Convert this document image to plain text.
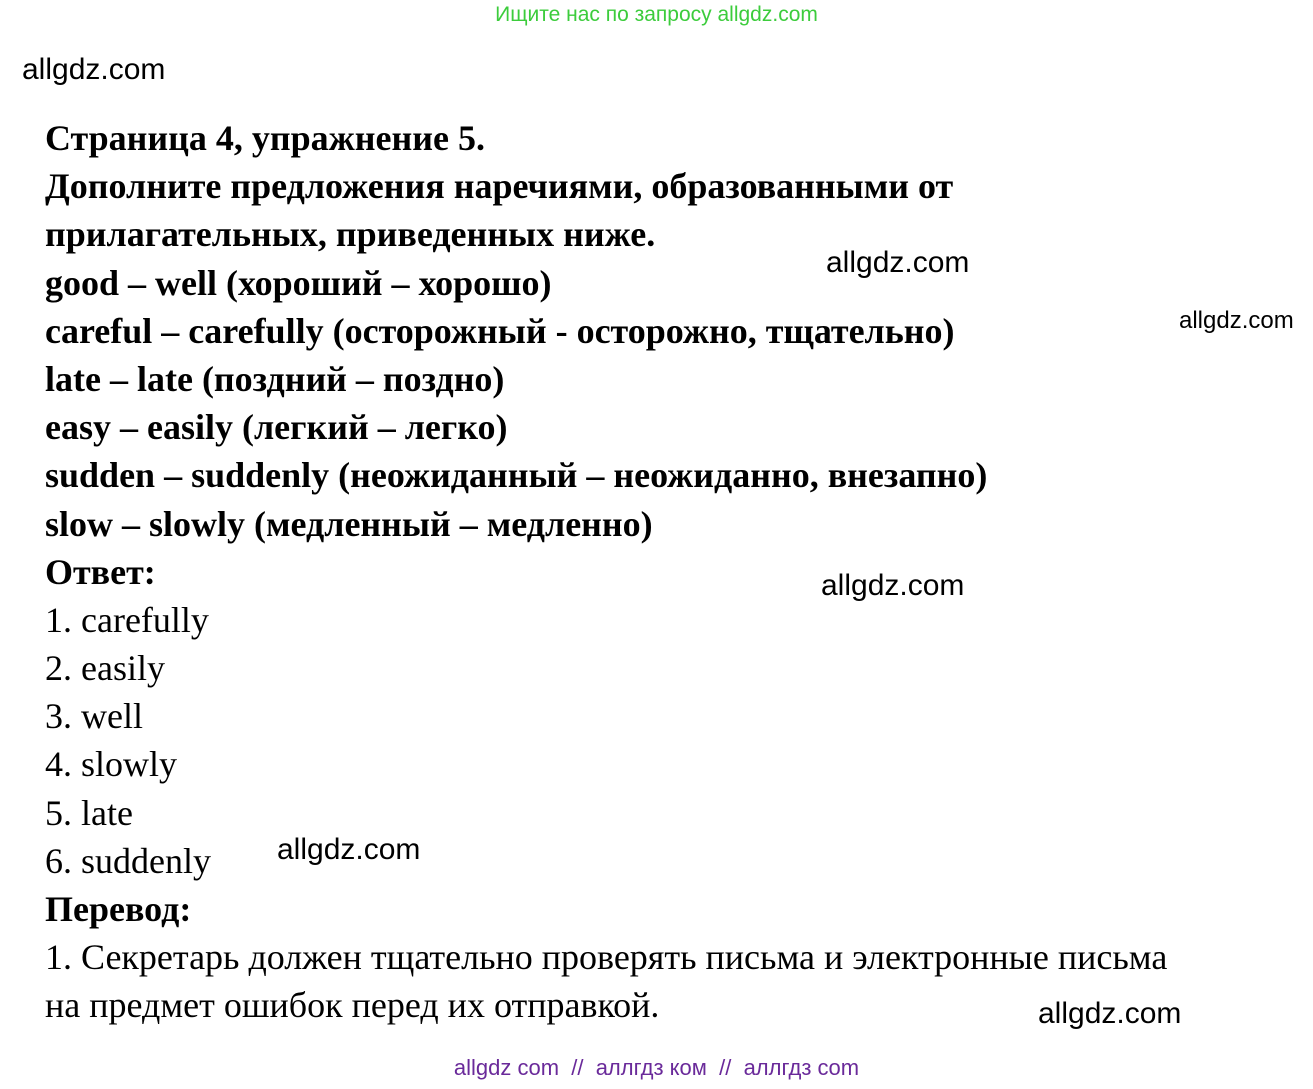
Ищите нас по запросу allgdz.com
allgdz.com
allgdz.com
allgdz.com
allgdz.com
allgdz.com
allgdz.com
Страница 4, упражнение 5.
Дополните предложения наречиями, образованными от
прилагательных, приведенных ниже.
good – well (хороший – хорошо)
careful – carefully (осторожный - осторожно, тщательно)
late – late (поздний – поздно)
easy – easily (легкий – легко)
sudden – suddenly (неожиданный – неожиданно, внезапно)
slow – slowly (медленный – медленно)
Ответ:
1. carefully
2. easily
3. well
4. slowly
5. late
6. suddenly
Перевод:
1. Секретарь должен тщательно проверять письма и электронные письма
на предмет ошибок перед их отправкой.
allgdz com  //  аллгдз ком  //  аллгдз com
